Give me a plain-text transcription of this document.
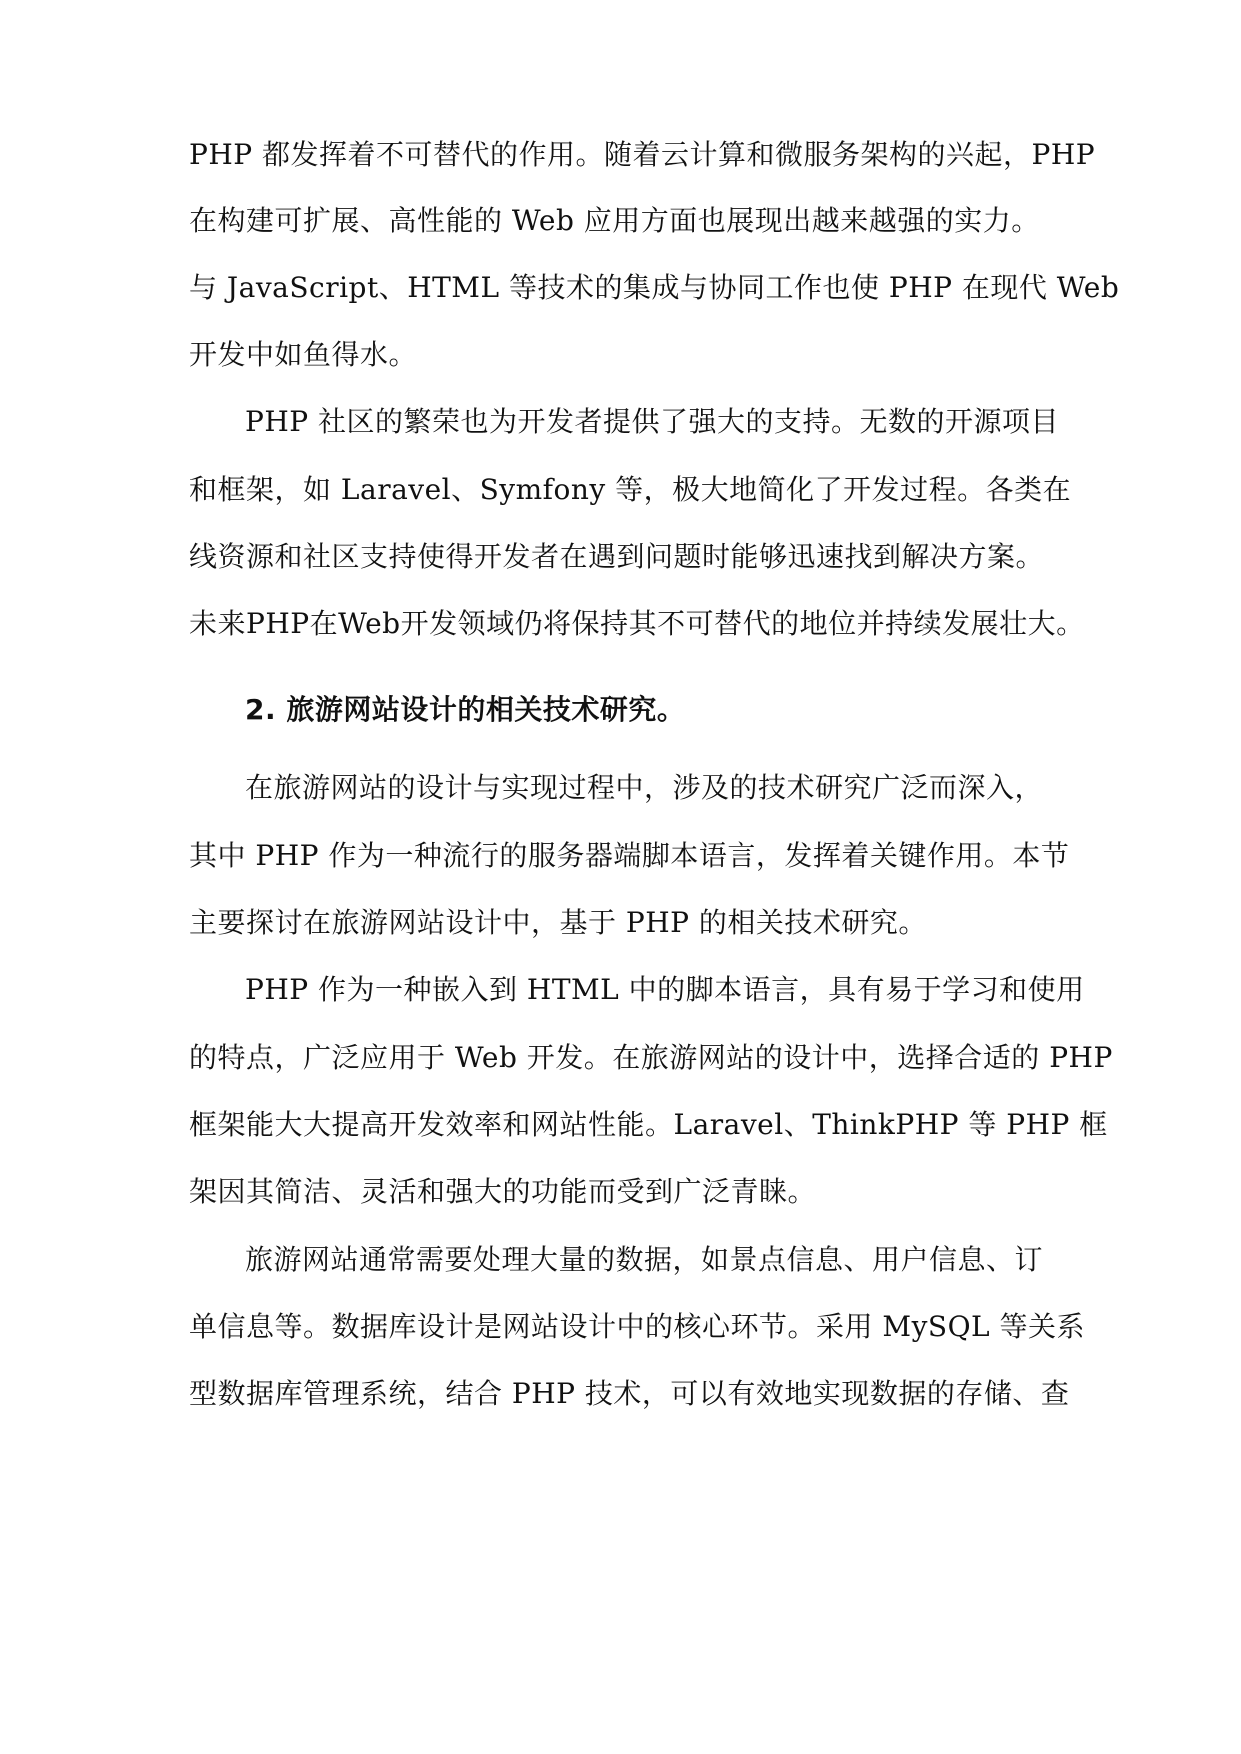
PHP 都发挥着不可替代的作用。随着云计算和微服务架构的兴起，PHP
在构建可扩展、高性能的 Web 应用方面也展现出越来越强的实力。
与 JavaScript、HTML 等技术的集成与协同工作也使 PHP 在现代 Web
开发中如鱼得水。
PHP 社区的繁荣也为开发者提供了强大的支持。无数的开源项目
和框架，如 Laravel、Symfony 等，极大地简化了开发过程。各类在
线资源和社区支持使得开发者在遇到问题时能够迅速找到解决方案。
未来PHP在Web开发领域仍将保持其不可替代的地位并持续发展壮大。
2. 旅游网站设计的相关技术研究。
在旅游网站的设计与实现过程中，涉及的技术研究广泛而深入，
其中 PHP 作为一种流行的服务器端脚本语言，发挥着关键作用。本节
主要探讨在旅游网站设计中，基于 PHP 的相关技术研究。
PHP 作为一种嵌入到 HTML 中的脚本语言，具有易于学习和使用
的特点，广泛应用于 Web 开发。在旅游网站的设计中，选择合适的 PHP
框架能大大提高开发效率和网站性能。Laravel、ThinkPHP 等 PHP 框
架因其简洁、灵活和强大的功能而受到广泛青睐。
旅游网站通常需要处理大量的数据，如景点信息、用户信息、订
单信息等。数据库设计是网站设计中的核心环节。采用 MySQL 等关系
型数据库管理系统，结合 PHP 技术，可以有效地实现数据的存储、查
